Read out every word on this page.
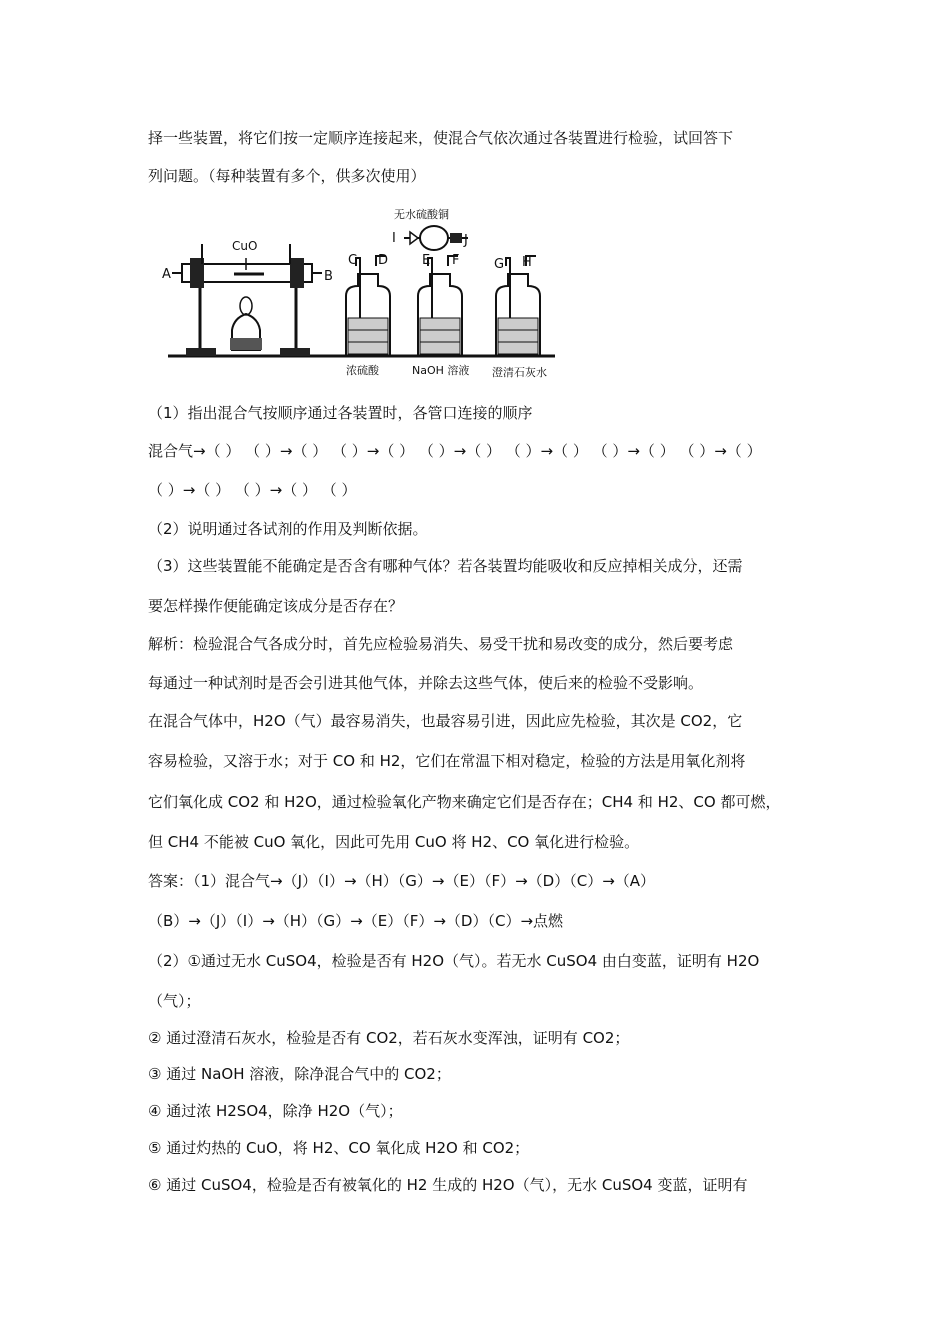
择一些装置，将它们按一定顺序连接起来，使混合气依次通过各装置进行检验，试回答下
列问题。（每种装置有多个，供多次使用）
A	B
CuO
C D	E F	G H
I	J
无水硫酸铜
浓硫酸	NaOH 溶液 澄清石灰水
（1）指出混合气按顺序通过各装置时，各管口连接的顺序
混合气→（ ） （ ）→（ ） （ ）→（ ） （ ）→（ ） （ ）→（ ） （ ）→（ ） （ ）→（ ）
（ ）→（ ） （ ）→（ ） （ ）
（2）说明通过各试剂的作用及判断依据。
（3）这些装置能不能确定是否含有哪种气体？若各装置均能吸收和反应掉相关成分，还需
要怎样操作便能确定该成分是否存在？
解析：检验混合气各成分时，首先应检验易消失、易受干扰和易改变的成分，然后要考虑
每通过一种试剂时是否会引进其他气体，并除去这些气体，使后来的检验不受影响。
在混合气体中，H2O（气）最容易消失，也最容易引进，因此应先检验，其次是 CO2，它
容易检验，又溶于水；对于 CO 和 H2，它们在常温下相对稳定，检验的方法是用氧化剂将
它们氧化成 CO2 和 H2O，通过检验氧化产物来确定它们是否存在；CH4 和 H2、CO 都可燃，
但 CH4 不能被 CuO 氧化，因此可先用 CuO 将 H2、CO 氧化进行检验。
答案：（1）混合气→（J）（I）→（H）（G）→（E）（F）→（D）（C）→（A）
（B）→（J）（I）→（H）（G）→（E）（F）→（D）（C）→点燃
（2）①通过无水 CuSO4，检验是否有 H2O（气）。若无水 CuSO4 由白变蓝，证明有 H2O
（气）；
② 通过澄清石灰水，检验是否有 CO2，若石灰水变浑浊，证明有 CO2；
③ 通过 NaOH 溶液，除净混合气中的 CO2；
④ 通过浓 H2SO4，除净 H2O（气）；
⑤ 通过灼热的 CuO，将 H2、CO 氧化成 H2O 和 CO2；
⑥ 通过 CuSO4，检验是否有被氧化的 H2 生成的 H2O（气），无水 CuSO4 变蓝，证明有
